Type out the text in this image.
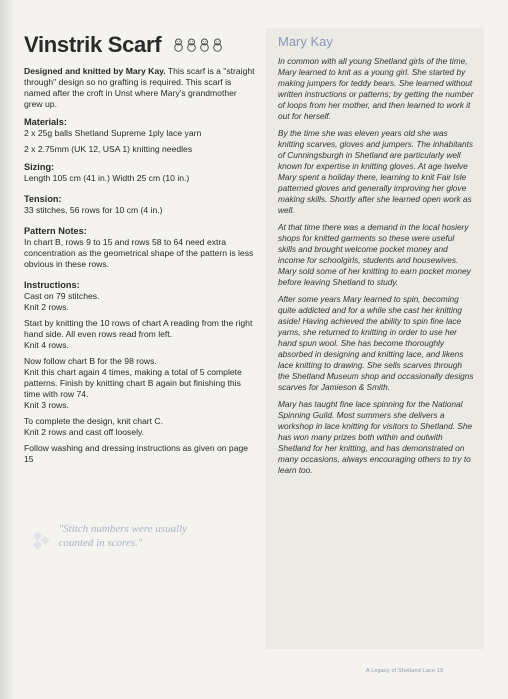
Vinstrik Scarf

Designed and knitted by Mary Kay. This scarf is a "straight through" design so no grafting is required. This scarf is named after the croft in Unst where Mary's grandmother grew up.

Materials:
2 x 25g balls Shetland Supreme 1ply lace yarn
2 x 2.75mm (UK 12, USA 1) knitting needles
Sizing:
Length 105 cm (41 in.) Width 25 cm (10 in.)
Tension:
33 stitches, 56 rows for 10 cm (4 in.)
Pattern Notes:
In chart B, rows 9 to 15 and rows 58 to 64 need extra concentration as the geometrical shape of the pattern is less obvious in these rows.
Instructions:
Cast on 79 stitches.
Knit 2 rows.
Start by knitting the 10 rows of chart A reading from the right hand side. All even rows read from left.
Knit 4 rows.
Now follow chart B for the 98 rows.
Knit this chart again 4 times, making a total of 5 complete patterns. Finish by knitting chart B again but finishing this time with row 74.
Knit 3 rows.
To complete the design, knit chart C.
Knit 2 rows and cast off loosely.
Follow washing and dressing instructions as given on page 15
"Stitch numbers were usually counted in scores."
Mary Kay

In common with all young Shetland girls of the time, Mary learned to knit as a young girl. She started by making jumpers for teddy bears. She learned without written instructions or patterns; by getting the number of loops from her mother, and then learned to work it out for herself.

By the time she was eleven years old she was knitting scarves, gloves and jumpers. The inhabitants of Cunningsburgh in Shetland are particularly well known for expertise in knitting gloves. At age twelve Mary spent a holiday there, learning to knit Fair Isle patterned gloves and generally improving her glove making skills. Shortly after she learned open work as well.

At that time there was a demand in the local hosiery shops for knitted garments so these were useful skills and brought welcome pocket money and income for schoolgirls, students and housewives. Mary sold some of her knitting to earn pocket money before leaving Shetland to study.

After some years Mary learned to spin, becoming quite addicted and for a while she cast her knitting aside! Having achieved the ability to spin fine lace yarns, she returned to knitting in order to use her hand spun wool. She has become thoroughly absorbed in designing and knitting lace, and likens lace knitting to drawing. She sells scarves through the Shetland Museum shop and occasionally designs scarves for Jamieson & Smith.

Mary has taught fine lace spinning for the National Spinning Guild. Most summers she delivers a workshop in lace knitting for visitors to Shetland. She has won many prizes both within and outwith Shetland for her knitting, and has demonstrated on many occasions, always encouraging others to try to learn too.

A Legacy of Shetland Lace 19
